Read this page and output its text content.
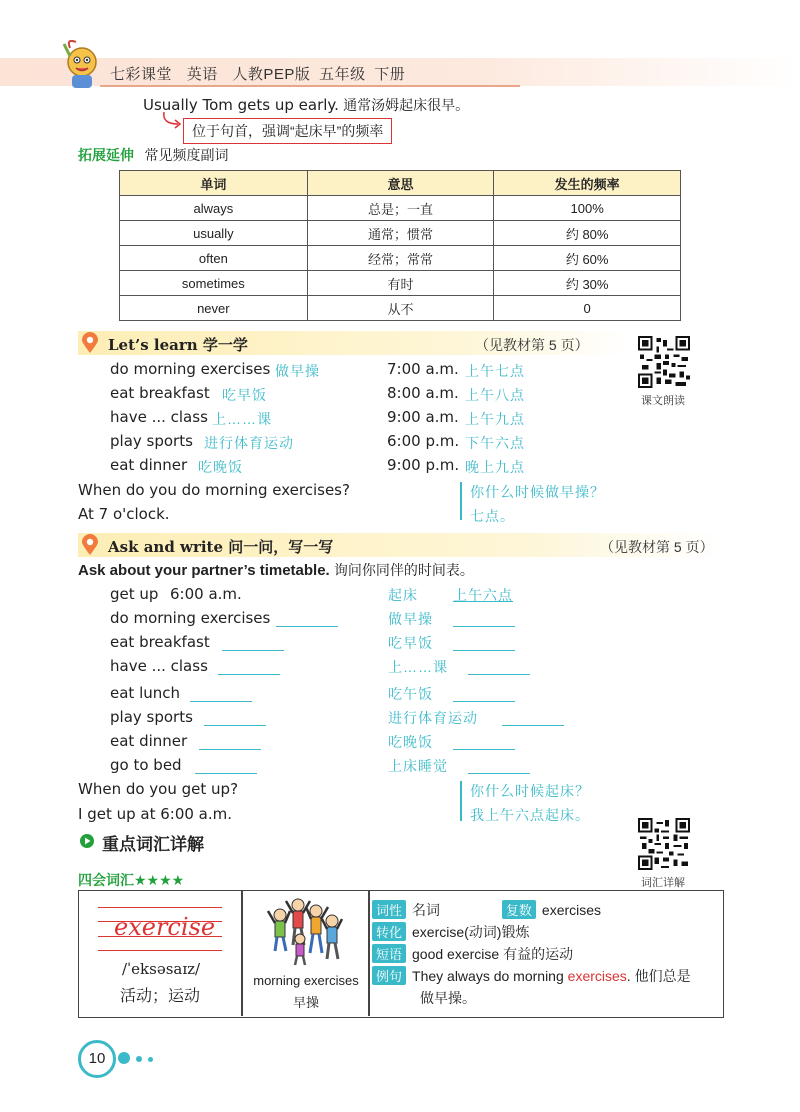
七彩课堂 英语 人教PEP版 五年级 下册
Usually Tom gets up early. 通常汤姆起床很早。
位于句首，强调“起床早”的频率
拓展延伸 常见频度副词
单词	意思	发生的频率
always	总是；一直	100%
usually	通常；惯常	约 80%
often	经常；常常	约 60%
sometimes	有时	约 30%
never	从不	0
Let’s learn 学一学	（见教材第 5 页）
课文朗读
do morning exercises 做早操	7:00 a.m. 上午七点
eat breakfast 吃早饭	8:00 a.m. 上午八点
have ... class 上……课	9:00 a.m. 上午九点
play sports 进行体育运动	6:00 p.m. 下午六点
eat dinner 吃晚饭	9:00 p.m. 晚上九点
When do you do morning exercises?
At 7 o'clock.
你什么时候做早操？
七点。
Ask and write 问一问，写一写	（见教材第 5 页）
Ask about your partner’s timetable. 询问你同伴的时间表。
get up 6:00 a.m.	起床	上午六点
do morning exercises	做早操
eat breakfast	吃早饭
have ... class	上……课
eat lunch	吃午饭
play sports	进行体育运动
eat dinner	吃晚饭
go to bed	上床睡觉
When do you get up?
I get up at 6:00 a.m.
你什么时候起床？
我上午六点起床。
重点词汇详解
四会词汇★★★★	词汇详解
exercise
/ˈeksəsaɪz/
活动；运动
morning exercises
早操
词性 名词	复数 exercises
转化 exercise(动词)锻炼
短语 good exercise 有益的运动
例句 They always do morning exercises. 他们总是
做早操。
10
